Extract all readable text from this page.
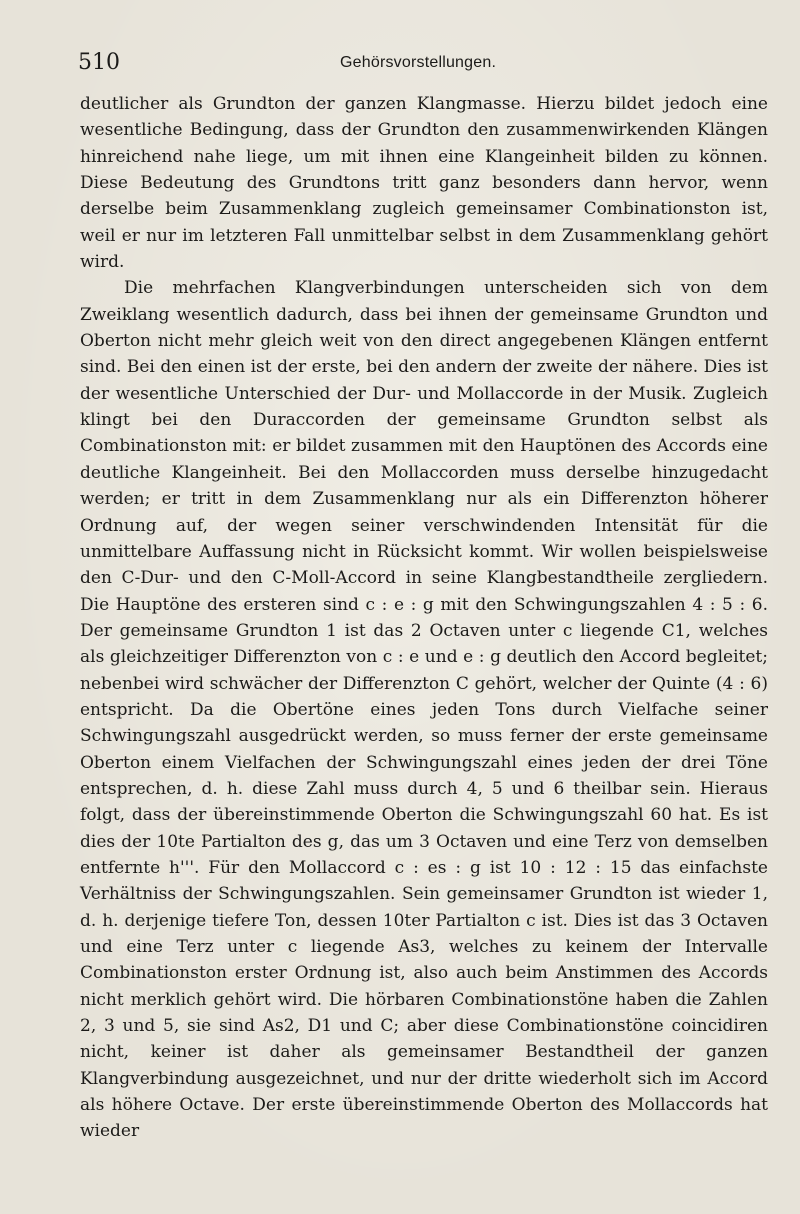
510	Gehörsvorstellungen.

deutlicher als Grundton der ganzen Klangmasse. Hierzu bildet jedoch eine wesentliche Bedingung, dass der Grundton den zusammenwirkenden Klängen hinreichend nahe liege, um mit ihnen eine Klangeinheit bilden zu können. Diese Bedeutung des Grundtons tritt ganz besonders dann hervor, wenn derselbe beim Zusammenklang zugleich gemeinsamer Combinationston ist, weil er nur im letzteren Fall unmittelbar selbst in dem Zusammenklang gehört wird.

Die mehrfachen Klangverbindungen unterscheiden sich von dem Zweiklang wesentlich dadurch, dass bei ihnen der gemeinsame Grundton und Oberton nicht mehr gleich weit von den direct angegebenen Klängen entfernt sind. Bei den einen ist der erste, bei den andern der zweite der nähere. Dies ist der wesentliche Unterschied der Dur- und Mollaccorde in der Musik. Zugleich klingt bei den Duraccorden der gemeinsame Grundton selbst als Combinationston mit: er bildet zusammen mit den Hauptönen des Accords eine deutliche Klangeinheit. Bei den Mollaccorden muss derselbe hinzugedacht werden; er tritt in dem Zusammenklang nur als ein Differenzton höherer Ordnung auf, der wegen seiner verschwindenden Intensität für die unmittelbare Auffassung nicht in Rücksicht kommt. Wir wollen beispielsweise den C-Dur- und den C-Moll-Accord in seine Klangbestandtheile zergliedern. Die Hauptöne des ersteren sind c : e : g mit den Schwingungszahlen 4 : 5 : 6. Der gemeinsame Grundton 1 ist das 2 Octaven unter c liegende C1, welches als gleichzeitiger Differenzton von c : e und e : g deutlich den Accord begleitet; nebenbei wird schwächer der Differenzton C gehört, welcher der Quinte (4 : 6) entspricht. Da die Obertöne eines jeden Tons durch Vielfache seiner Schwingungszahl ausgedrückt werden, so muss ferner der erste gemeinsame Oberton einem Vielfachen der Schwingungszahl eines jeden der drei Töne entsprechen, d. h. diese Zahl muss durch 4, 5 und 6 theilbar sein. Hieraus folgt, dass der übereinstimmende Oberton die Schwingungszahl 60 hat. Es ist dies der 10te Partialton des g, das um 3 Octaven und eine Terz von demselben entfernte h'''. Für den Mollaccord c : es : g ist 10 : 12 : 15 das einfachste Verhältniss der Schwingungszahlen. Sein gemeinsamer Grundton ist wieder 1, d. h. derjenige tiefere Ton, dessen 10ter Partialton c ist. Dies ist das 3 Octaven und eine Terz unter c liegende As3, welches zu keinem der Intervalle Combinationston erster Ordnung ist, also auch beim Anstimmen des Accords nicht merklich gehört wird. Die hörbaren Combinationstöne haben die Zahlen 2, 3 und 5, sie sind As2, D1 und C; aber diese Combinationstöne coincidiren nicht, keiner ist daher als gemeinsamer Bestandtheil der ganzen Klangverbindung ausgezeichnet, und nur der dritte wiederholt sich im Accord als höhere Octave. Der erste übereinstimmende Oberton des Mollaccords hat wieder
